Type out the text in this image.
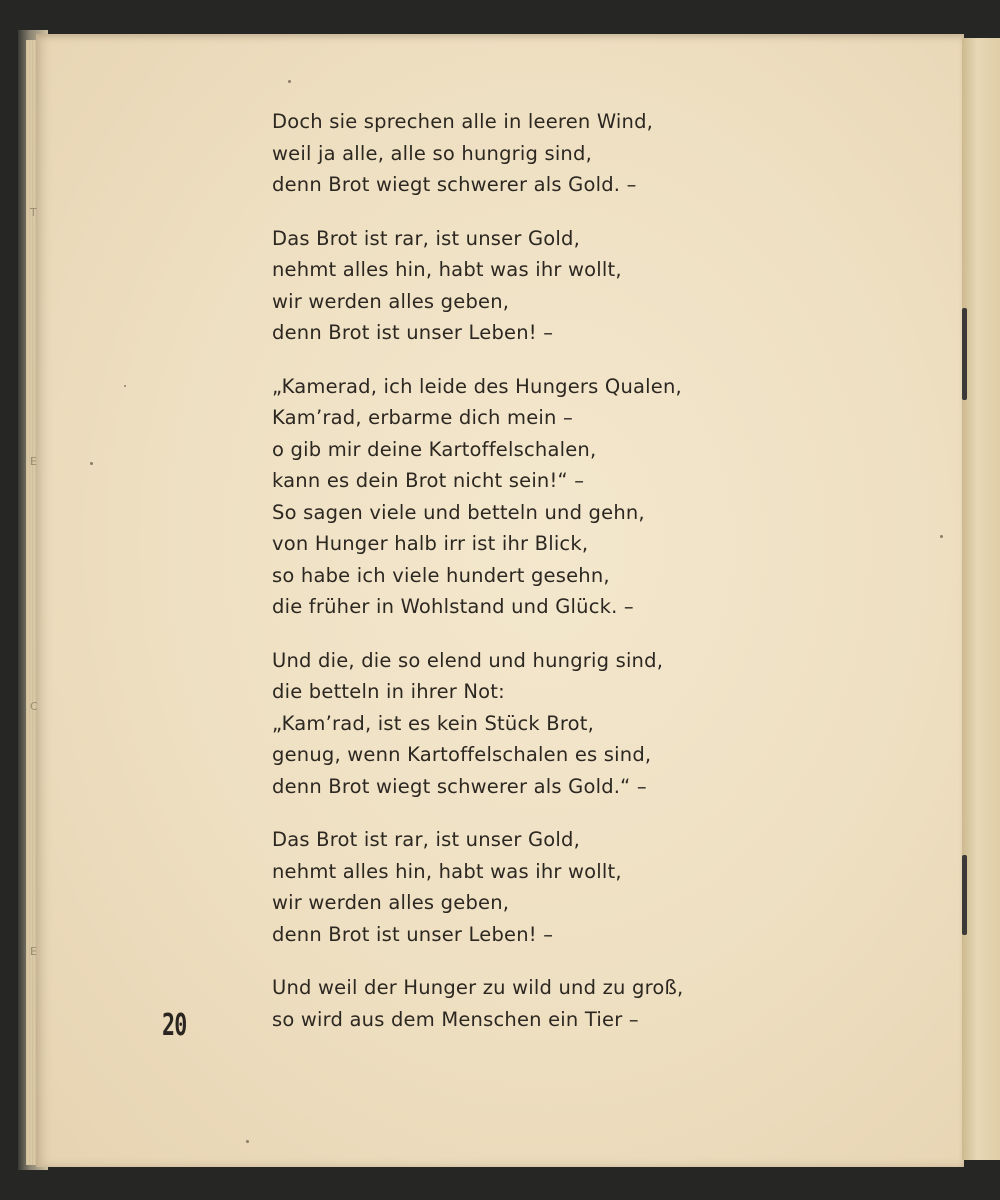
T
E
C
E
Doch sie sprechen alle in leeren Wind,
weil ja alle, alle so hungrig sind,
denn Brot wiegt schwerer als Gold. –
Das Brot ist rar, ist unser Gold,
nehmt alles hin, habt was ihr wollt,
wir werden alles geben,
denn Brot ist unser Leben! –
„Kamerad, ich leide des Hungers Qualen,
Kam’rad, erbarme dich mein –
o gib mir deine Kartoffelschalen,
kann es dein Brot nicht sein!“ –
So sagen viele und betteln und gehn,
von Hunger halb irr ist ihr Blick,
so habe ich viele hundert gesehn,
die früher in Wohlstand und Glück. –
Und die, die so elend und hungrig sind,
die betteln in ihrer Not:
„Kam’rad, ist es kein Stück Brot,
genug, wenn Kartoffelschalen es sind,
denn Brot wiegt schwerer als Gold.“ –
Das Brot ist rar, ist unser Gold,
nehmt alles hin, habt was ihr wollt,
wir werden alles geben,
denn Brot ist unser Leben! –
Und weil der Hunger zu wild und zu groß,
so wird aus dem Menschen ein Tier –
20
